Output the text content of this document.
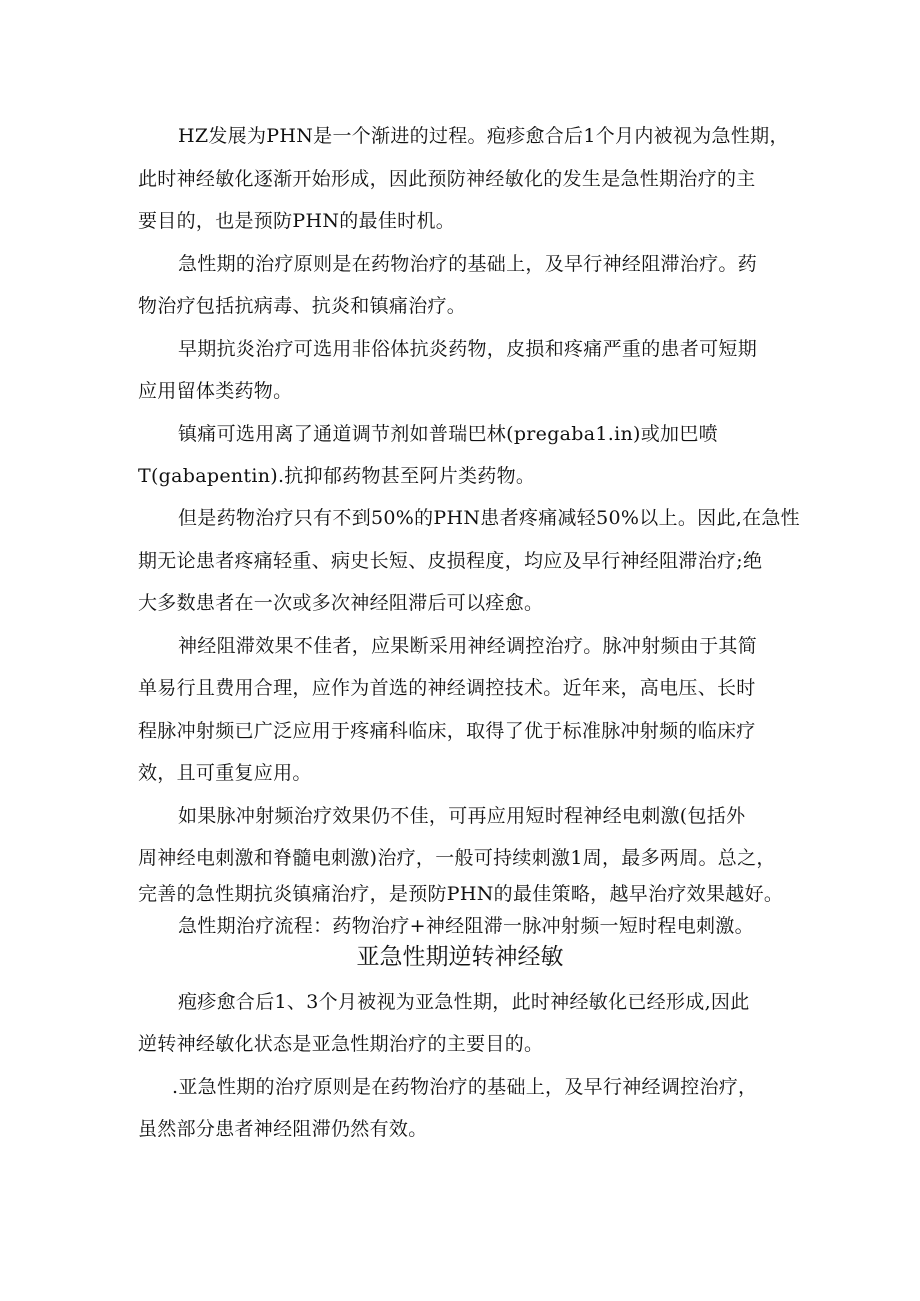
HZ发展为PHN是一个渐进的过程。疱疹愈合后1个月内被视为急性期，
此时神经敏化逐渐开始形成，因此预防神经敏化的发生是急性期治疗的主
要目的，也是预防PHN的最佳时机。
急性期的治疗原则是在药物治疗的基础上，及早行神经阻滞治疗。药
物治疗包括抗病毒、抗炎和镇痛治疗。
早期抗炎治疗可选用非俗体抗炎药物，皮损和疼痛严重的患者可短期
应用留体类药物。
镇痛可选用离了通道调节剂如普瑞巴林(pregaba1.in)或加巴喷
T(gabapentin).抗抑郁药物甚至阿片类药物。
但是药物治疗只有不到50%的PHN患者疼痛减轻50%以上。因此,在急性
期无论患者疼痛轻重、病史长短、皮损程度，均应及早行神经阻滞治疗;绝
大多数患者在一次或多次神经阻滞后可以痊愈。
神经阻滞效果不佳者，应果断采用神经调控治疗。脉冲射频由于其简
单易行且费用合理，应作为首选的神经调控技术。近年来，高电压、长时
程脉冲射频已广泛应用于疼痛科临床，取得了优于标准脉冲射频的临床疗
效，且可重复应用。
如果脉冲射频治疗效果仍不佳，可再应用短时程神经电刺激(包括外
周神经电刺激和脊髓电刺激)治疗，一般可持续刺激1周，最多两周。总之，
完善的急性期抗炎镇痛治疗，是预防PHN的最佳策略，越早治疗效果越好。
急性期治疗流程：药物治疗+神经阻滞一脉冲射频一短时程电刺激。
亚急性期逆转神经敏
疱疹愈合后1、3个月被视为亚急性期，此时神经敏化已经形成,因此
逆转神经敏化状态是亚急性期治疗的主要目的。
.亚急性期的治疗原则是在药物治疗的基础上，及早行神经调控治疗，
虽然部分患者神经阻滞仍然有效。
